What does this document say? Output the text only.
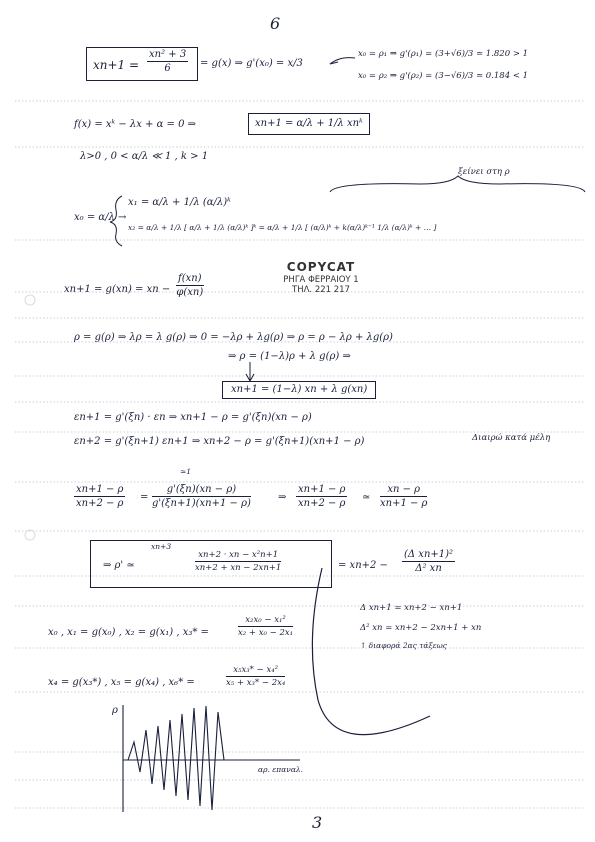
6
3
$xn+1 = \frac{\text{xn² + 3}}{6} = g(x)$ ⇒ g'(x₀) = x/3
x₀ = ρ₁ ⇒ g'(ρ₁) = (3+√6)/3 ≃ 1.820 > 1
x₀ = ρ₂ ⇒ g'(ρ₂) = (3−√6)/3 ≃ 0.184 < 1
f(x) = xᵏ − λx + α = 0 ⇒	xn+1 = α/λ + 1/λ xnᵏ
λ>0 , 0 < α/λ ≪ 1 , k > 1
ξείνει στη ρ
x₀ = α/λ →
x₁ = α/λ + 1/λ (α/λ)ᵏ
x₂ = α/λ + 1/λ [ α/λ + 1/λ (α/λ)ᵏ ]ᵏ = α/λ + 1/λ [ (α/λ)ᵏ + k(α/λ)ᵏ⁻¹ 1/λ (α/λ)ᵏ + … ]
COPYCAT
ΡΗΓΑ ΦΕΡΡΑΙΟΥ 1
ΤΗΛ. 221 217
xn+1 = g(xn) = xn − $\frac{f(xn)}{\varphi(xn)}$
ρ = g(ρ) ⇒ λρ = λ g(ρ) ⇒ 0 = −λρ + λg(ρ) ⇒ ρ = ρ − λρ + λg(ρ)
⇒ ρ = (1−λ)ρ + λ g(ρ) ⇒
xn+1 = (1−λ) xn + λ g(xn)
εn+1 = g'(ξn) · εn ⇒ xn+1 − ρ = g'(ξn)(xn − ρ)
εn+2 = g'(ξn+1) εn+1 ⇒ xn+2 − ρ = g'(ξn+1)(xn+1 − ρ)	Διαιρώ κατά μέλη
≃1
$\frac{xn+1 - \rho}{xn+2 - \rho} = \frac{g'(\xi n)(xn - \rho)}{g'(\xi n+1)(xn+1 - \rho)}$	⇒ $\frac{xn+1 - \rho}{xn+2 - \rho}$ ≃ $\frac{xn - \rho}{xn+1 - \rho}$
xn+3
⇒ ρ' ≃	$\frac{\text{xn+2 · xn − x²n+1}}{xn+2 + xn - 2xn+1}$	= $xn+2 - \frac{\text{(Δ xn+1)²}}{\text{Δ² xn}}$
Δ xn+1 = xn+2 − xn+1
Δ² xn = xn+2 − 2xn+1 + xn
↑ διαφορά 2ας τάξεως
x₀ , x₁ = g(x₀) , x₂ = g(x₁) , x₃* =	$\frac{\text{x₂x₀ − x₁²}}{\text{x₂ + x₀ − 2x₁}}$
x₄ = g(x₃*) , x₅ = g(x₄) , x₆* =	$\frac{\text{x₅x₃* − x₄²}}{\text{x₅ + x₃* − 2x₄}}$
ρ
αρ. επαναλ.
